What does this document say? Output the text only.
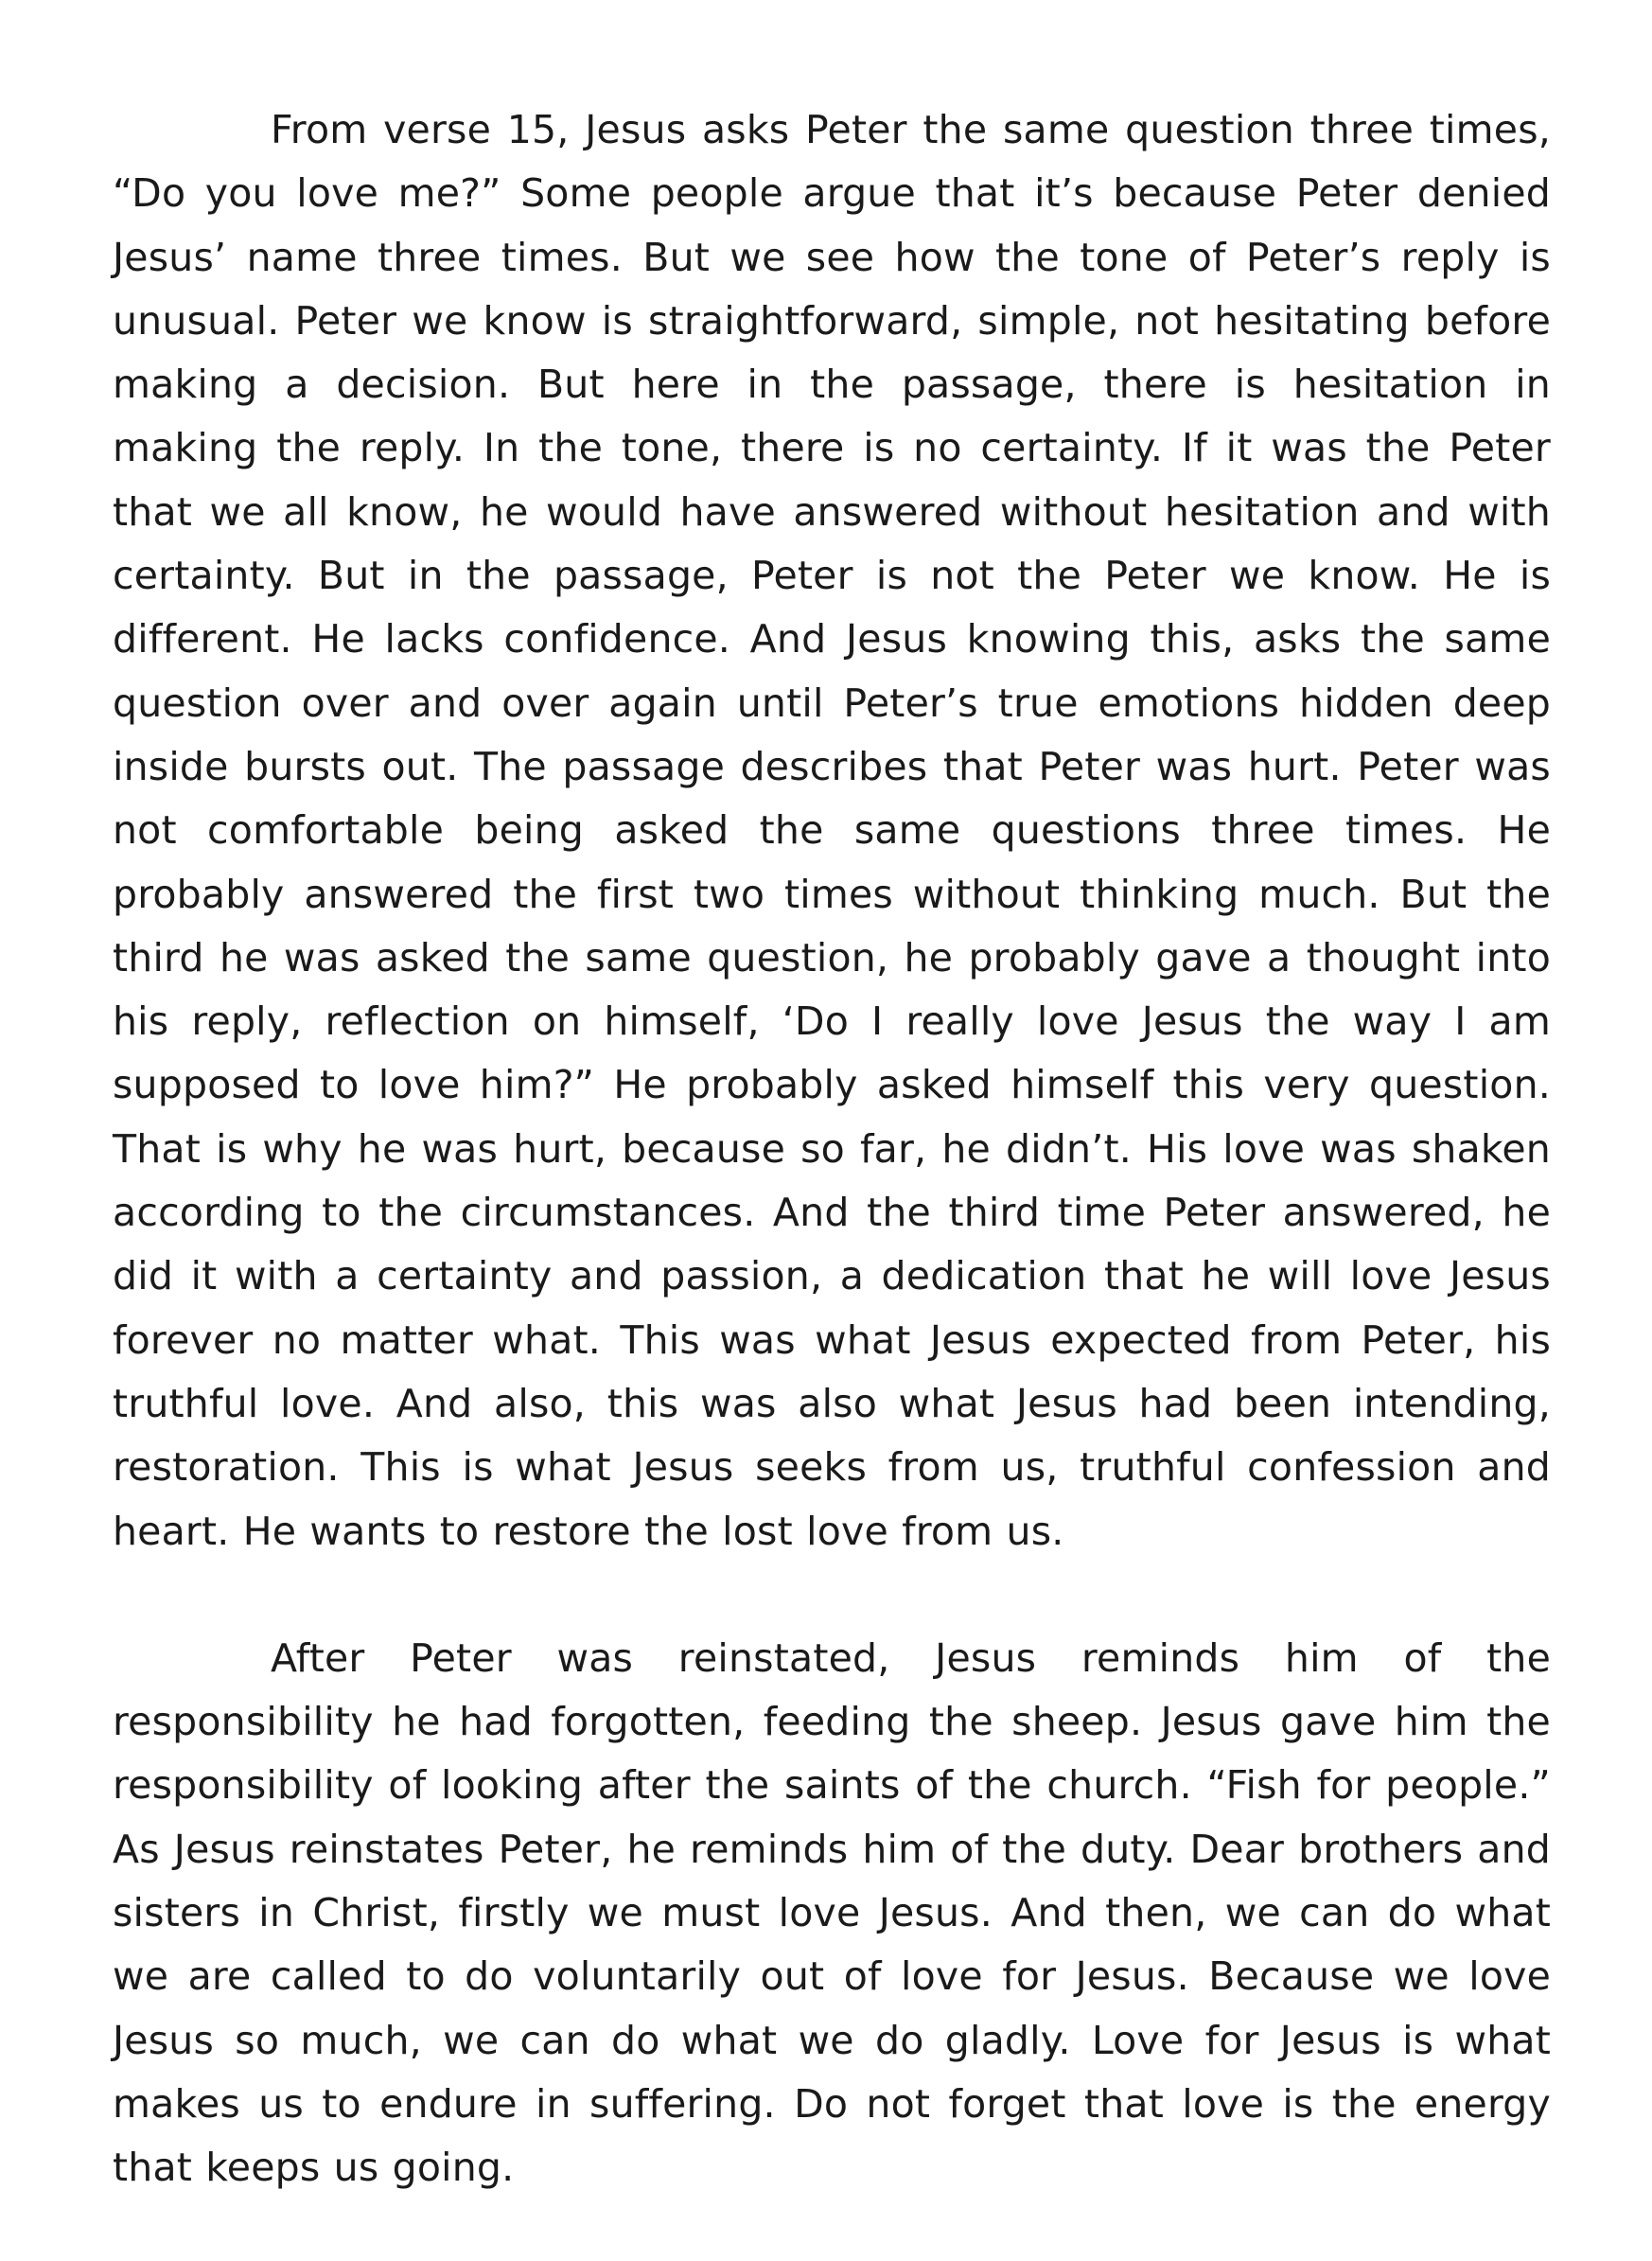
From verse 15, Jesus asks Peter the same question three times, “Do you love me?” Some people argue that it’s because Peter denied Jesus’ name three times. But we see how the tone of Peter’s reply is unusual. Peter we know is straightforward, simple, not hesitating before making a decision. But here in the passage, there is hesitation in making the reply. In the tone, there is no certainty. If it was the Peter that we all know, he would have answered without hesitation and with certainty. But in the passage, Peter is not the Peter we know. He is different. He lacks confidence. And Jesus knowing this, asks the same question over and over again until Peter’s true emotions hidden deep inside bursts out. The passage describes that Peter was hurt. Peter was not comfortable being asked the same questions three times. He probably answered the first two times without thinking much. But the third he was asked the same question, he probably gave a thought into his reply, reflection on himself, ‘Do I really love Jesus the way I am supposed to love him?” He probably asked himself this very question. That is why he was hurt, because so far, he didn’t. His love was shaken according to the circumstances. And the third time Peter answered, he did it with a certainty and passion, a dedication that he will love Jesus forever no matter what. This was what Jesus expected from Peter, his truthful love. And also, this was also what Jesus had been intending, restoration. This is what Jesus seeks from us, truthful confession and heart. He wants to restore the lost love from us.

After Peter was reinstated, Jesus reminds him of the responsibility he had forgotten, feeding the sheep. Jesus gave him the responsibility of looking after the saints of the church. “Fish for people.” As Jesus reinstates Peter, he reminds him of the duty. Dear brothers and sisters in Christ, firstly we must love Jesus. And then, we can do what we are called to do voluntarily out of love for Jesus. Because we love Jesus so much, we can do what we do gladly. Love for Jesus is what makes us to endure in suffering. Do not forget that love is the energy that keeps us going.
